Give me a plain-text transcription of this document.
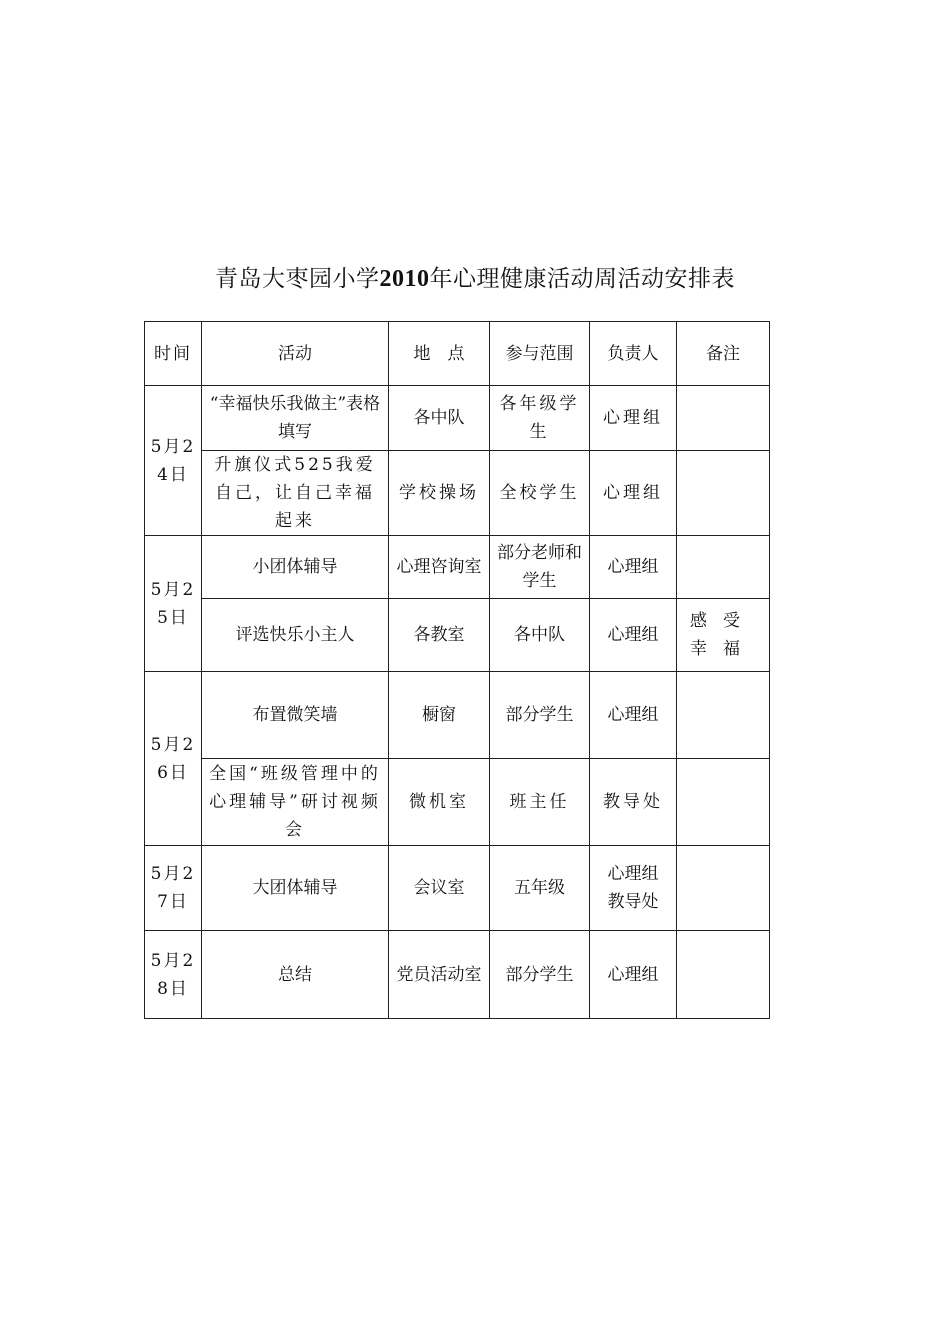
青岛大枣园小学2010年心理健康活动周活动安排表
时间	活动	地　点	参与范围	负责人	备注
5月24日	“幸福快乐我做主”表格填写	各中队	各年级学生	心理组	
	升旗仪式525我爱自己，让自己幸福起来	学校操场	全校学生	心理组	
5月25日	小团体辅导	心理咨询室	部分老师和学生	心理组	
	评选快乐小主人	各教室	各中队	心理组	感受幸福
5月26日	布置微笑墙	橱窗	部分学生	心理组	
	全国“班级管理中的心理辅导”研讨视频会	微机室	班主任	教导处	
5月27日	大团体辅导	会议室	五年级	心理组教导处	
5月28日	总结	党员活动室	部分学生	心理组	
